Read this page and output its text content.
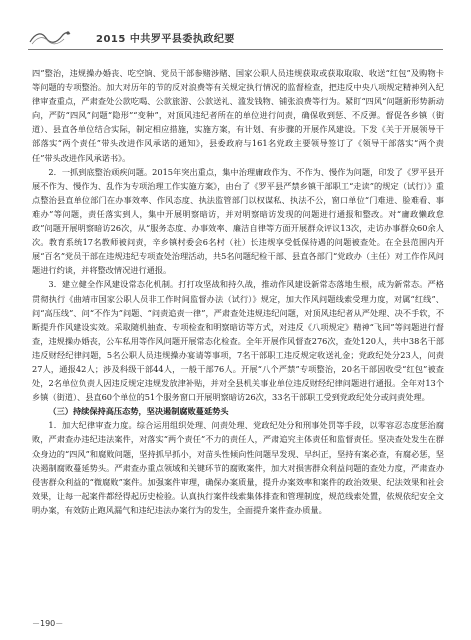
2015 中共罗平县委执政纪要

四”整治，违规操办婚丧、吃空饷、党员干部参赌涉赌、国家公职人员违规获取或获取取取、收送“红包”及购物卡等问题的专项整治。加大对历年的节的反对浪费等有关规定执行情况的监督检查，把违反中央八项规定精神列入纪律审查重点，严肃查处公款吃喝、公款旅游、公款送礼、滥发钱物、铺张浪费等行为。紧盯“四风”问题新形势新动向，严防“四风”问题“隐形”“变种”，对顶风违纪者所在的单位进行问责，确保收到惩、不反弹。督促各乡镇（街道）、县直各单位结合实际，制定相应措施，实施方案，有计划、有步骤的开展作风建设。下发《关于开展领导干部落实“两个责任”带头改进作风承诺的通知》，县委政府与161名党政主要领导签订了《领导干部落实“两个责任”带头改进作风承诺书》。

2．一抓到底整治顽疾问题。2015年突出重点，集中治理庸政作为、不作为、慢作为问题，印发了《罗平县开展不作为、慢作为、乱作为专项治理工作实施方案》，由台了《罗平县严禁乡镇干部职工“走读”的规定（试行）》重点整治县直单位部门在办事效率、作风态度、执法监管部门以权谋私、执法不公，窗口单位“门难进、脸难看、事难办”等问题，责任落实到人，集中开展明察暗访，并对明察暗访发现的问题进行通报和整改。对“庸政懒政怠政”问题开展明察暗访26次，从“服务态度、办事效率、廉洁自律等方面开展群众评议13次，走访办事群众60余人次。教育系统17名教师被问责，辛乡镇村委会6名村（社）长违规享受低保待遇的问题被查处。在全县范围内开展“百名”党员干部在违规违纪专项查处治理活动，共5名问题纪检干部、县直各部门“党政办（主任）对工作作风问题进行约谈，并将整改情况进行通报。

3．建立健全作风建设常态化机制。打打攻坚战和持久战，推动作风建设新常态落地生根，成为新常态。严格贯彻执行《曲靖市国家公职人员非工作时间监督办法（试行）》规定，加大作风问题线索受理力度，对属“红线”、问“高压线”、问“不作为”问题、“问责追责一律”，严肃查处违规违纪问题，对顶风违纪者从严处理、决不手软，不断提升作风建设实效。采取随机抽查、专项检查和明察暗访等方式，对违反《八项规定》精神“飞回”等问题进行督查，违规操办婚丧，公车私用等作风问题开展常态化检查。全年开展作风督查276次，查处120人，共中38名干部违反财经纪律问题，5名公职人员违规操办宴请等事项，7名干部职工违反规定收送礼金；党政纪处分23人，问责27人，通报42人；涉及科级干部44人，一般干部76人。开展“八个严禁”专项整治，20名干部因收受“红包”被查处，2名单位负责人因违反规定违规发放津补贴，并对全县机关事业单位违反财经纪律问题进行通报。全年对13个乡镇（街道）、县直60个单位的51个服务窗口开展明察暗访26次，33名干部职工受到党政纪处分或问责处理。

（三）持续保持高压态势，坚决遏制腐败蔓延势头

1．加大纪律审查力度。综合运用组织处理、问责处理、党政纪处分和刑事处罚等手段，以零容忍态度惩治腐败，严肃查办违纪违法案件，对落实“两个责任”不力的责任人，严肃追究主体责任和监督责任。坚决查处发生在群众身边的“四风”和腐败问题，坚持抓早抓小，对苗头性倾向性问题早发现、早纠正，坚持有案必查，有腐必惩，坚决遏制腐败蔓延势头。严肃查办重点领域和关键环节的腐败案件，加大对损害群众利益问题的查处力度，严肃查办侵害群众利益的“微腐败”案件。加强案件审理，确保办案质量，提升办案效率和案件的政治效果、纪法效果和社会效果，让每一起案件都经得起历史检验。认真执行案件线索集体排查和管理制度，规范线索处置，依规依纪安全文明办案，有效防止跑风漏气和违纪违法办案行为的发生，全面提升案件查办质量。

－190－
